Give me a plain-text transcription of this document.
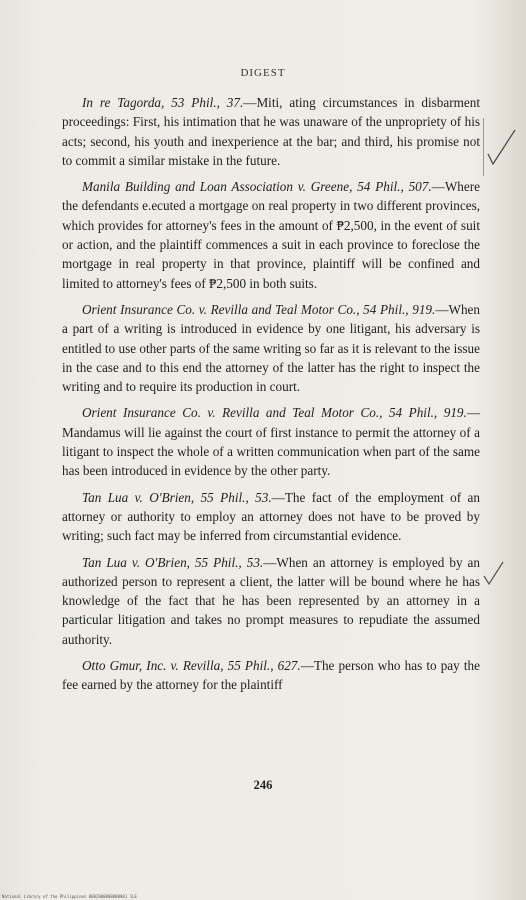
DIGEST

In re Tagorda, 53 Phil., 37.—Miti, ating circumstances in disbarment proceedings: First, his intimation that he was unaware of the unpropriety of his acts; second, his youth and inexperience at the bar; and third, his promise not to commit a similar mistake in the future.

Manila Building and Loan Association v. Greene, 54 Phil., 507.—Where the defendants e.ecuted a mortgage on real property in two different provinces, which provides for attorney's fees in the amount of ₱2,500, in the event of suit or action, and the plaintiff commences a suit in each province to foreclose the mortgage in real property in that province, plaintiff will be confined and limited to attorney's fees of ₱2,500 in both suits.

Orient Insurance Co. v. Revilla and Teal Motor Co., 54 Phil., 919.—When a part of a writing is introduced in evidence by one litigant, his adversary is entitled to use other parts of the same writing so far as it is relevant to the issue in the case and to this end the attorney of the latter has the right to inspect the writing and to require its production in court.

Orient Insurance Co. v. Revilla and Teal Motor Co., 54 Phil., 919.—Mandamus will lie against the court of first instance to permit the attorney of a litigant to inspect the whole of a written communication when part of the same has been introduced in evidence by the other party.

Tan Lua v. O'Brien, 55 Phil., 53.—The fact of the employment of an attorney or authority to employ an attorney does not have to be proved by writing; such fact may be inferred from circumstantial evidence.

Tan Lua v. O'Brien, 55 Phil., 53.—When an attorney is employed by an authorized person to represent a client, the latter will be bound where he has knowledge of the fact that he has been represented by an attorney in a particular litigation and takes no prompt measures to repudiate the assumed authority.

Otto Gmur, Inc. v. Revilla, 55 Phil., 627.—The person who has to pay the fee earned by the attorney for the plaintiff

246
National Library of the Philippines 0002000000000001 1LE
